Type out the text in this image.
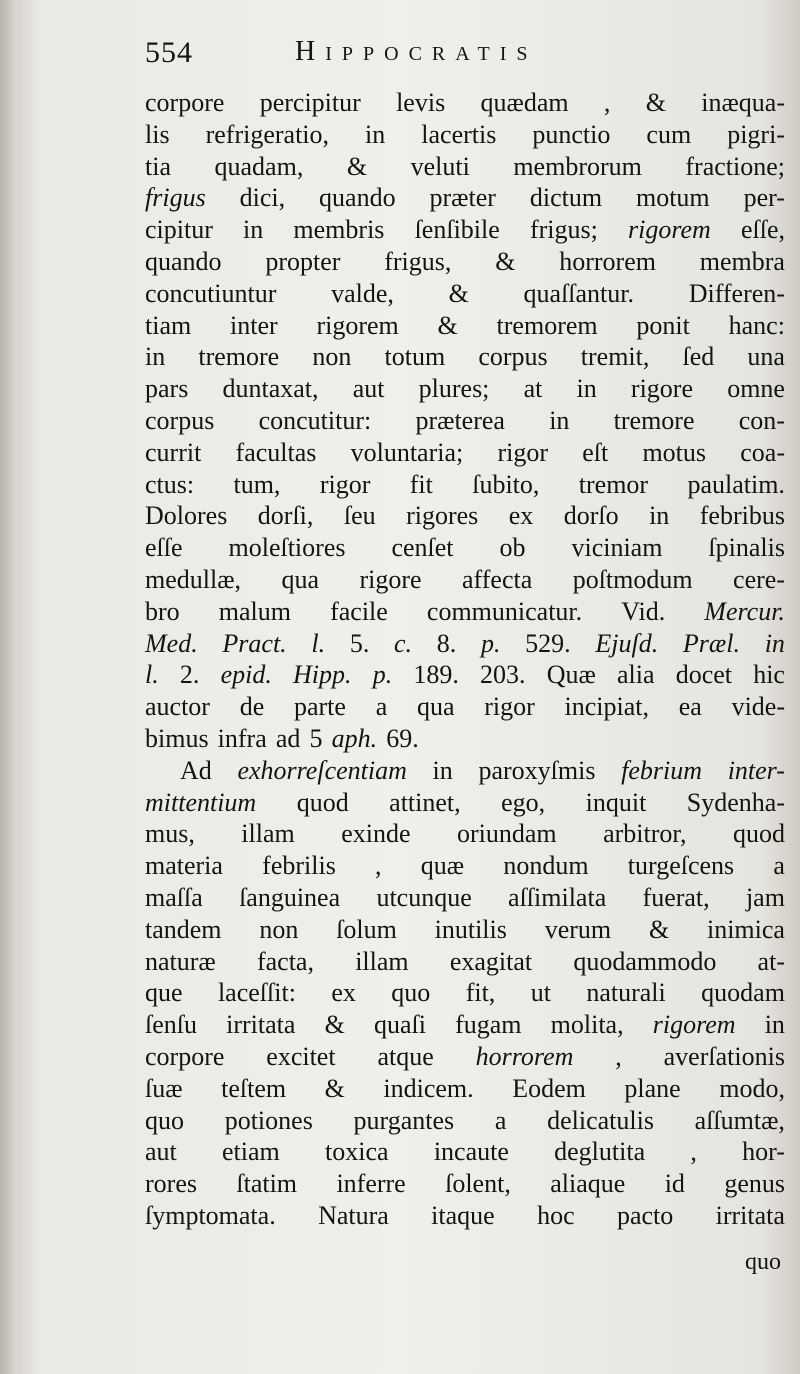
554	Hippocratis
corpore percipitur levis quædam , & inæqua-
lis refrigeratio, in lacertis punctio cum pigri-
tia quadam, & veluti membrorum fractione;
frigus dici, quando præter dictum motum per-
cipitur in membris ſenſibile frigus; rigorem eſſe,
quando propter frigus, & horrorem membra
concutiuntur valde, & quaſſantur. Differen-
tiam inter rigorem & tremorem ponit hanc:
in tremore non totum corpus tremit, ſed una
pars duntaxat, aut plures; at in rigore omne
corpus concutitur: præterea in tremore con-
currit facultas voluntaria; rigor eſt motus coa-
ctus: tum, rigor fit ſubito, tremor paulatim.
Dolores dorſi, ſeu rigores ex dorſo in febribus
eſſe moleſtiores cenſet ob viciniam ſpinalis
medullæ, qua rigore affecta poſtmodum cere-
bro malum facile communicatur. Vid. Mercur.
Med. Pract. l. 5. c. 8. p. 529. Ejuſd. Præl. in
l. 2. epid. Hipp. p. 189. 203. Quæ alia docet hic
auctor de parte a qua rigor incipiat, ea vide-
bimus infra ad 5 aph. 69.
Ad exhorreſcentiam in paroxyſmis febrium inter-
mittentium quod attinet, ego, inquit Sydenha-
mus, illam exinde oriundam arbitror, quod
materia febrilis , quæ nondum turgeſcens a
maſſa ſanguinea utcunque aſſimilata fuerat, jam
tandem non ſolum inutilis verum & inimica
naturæ facta, illam exagitat quodammodo at-
que laceſſit: ex quo fit, ut naturali quodam
ſenſu irritata & quaſi fugam molita, rigorem in
corpore excitet atque horrorem , averſationis
ſuæ teſtem & indicem. Eodem plane modo,
quo potiones purgantes a delicatulis aſſumtæ,
aut etiam toxica incaute deglutita , hor-
rores ſtatim inferre ſolent, aliaque id genus
ſymptomata. Natura itaque hoc pacto irritata
quo
